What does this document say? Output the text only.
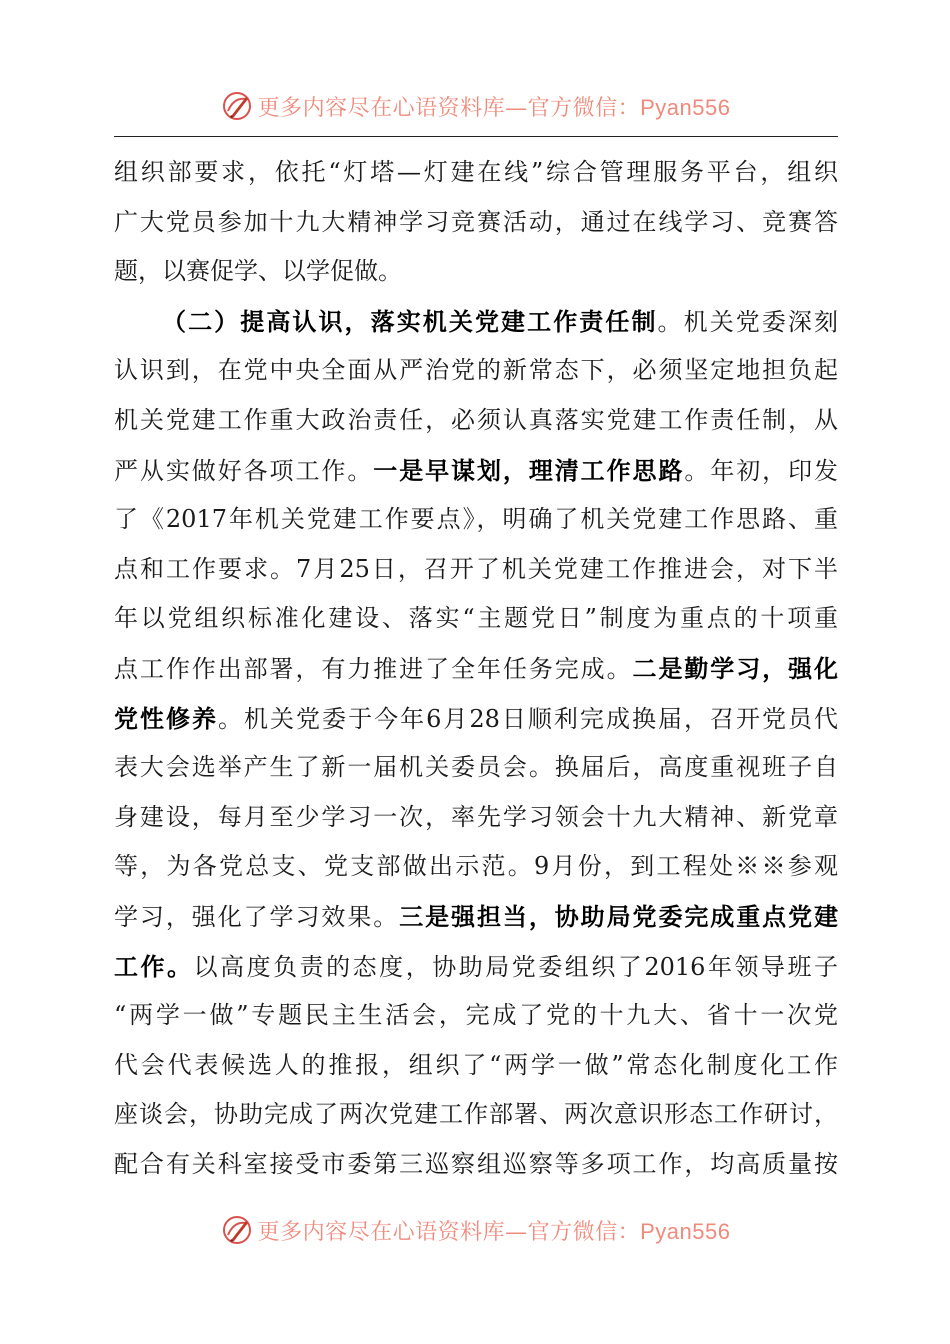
更多内容尽在心语资料库—官方微信：Pyan556
组织部要求，依托“灯塔—灯建在线”综合管理服务平台，组织
广大党员参加十九大精神学习竞赛活动，通过在线学习、竞赛答
题，以赛促学、以学促做。
（二）提高认识，落实机关党建工作责任制。机关党委深刻
认识到，在党中央全面从严治党的新常态下，必须坚定地担负起
机关党建工作重大政治责任，必须认真落实党建工作责任制，从
严从实做好各项工作。一是早谋划，理清工作思路。年初，印发
了《2017年机关党建工作要点》，明确了机关党建工作思路、重
点和工作要求。7月25日，召开了机关党建工作推进会，对下半
年以党组织标准化建设、落实“主题党日”制度为重点的十项重
点工作作出部署，有力推进了全年任务完成。二是勤学习，强化
党性修养。机关党委于今年6月28日顺利完成换届，召开党员代
表大会选举产生了新一届机关委员会。换届后，高度重视班子自
身建设，每月至少学习一次，率先学习领会十九大精神、新党章
等，为各党总支、党支部做出示范。9月份，到工程处※※参观
学习，强化了学习效果。三是强担当，协助局党委完成重点党建
工作。以高度负责的态度，协助局党委组织了2016年领导班子
“两学一做”专题民主生活会，完成了党的十九大、省十一次党
代会代表候选人的推报，组织了“两学一做”常态化制度化工作
座谈会，协助完成了两次党建工作部署、两次意识形态工作研讨，
配合有关科室接受市委第三巡察组巡察等多项工作，均高质量按
更多内容尽在心语资料库—官方微信：Pyan556
